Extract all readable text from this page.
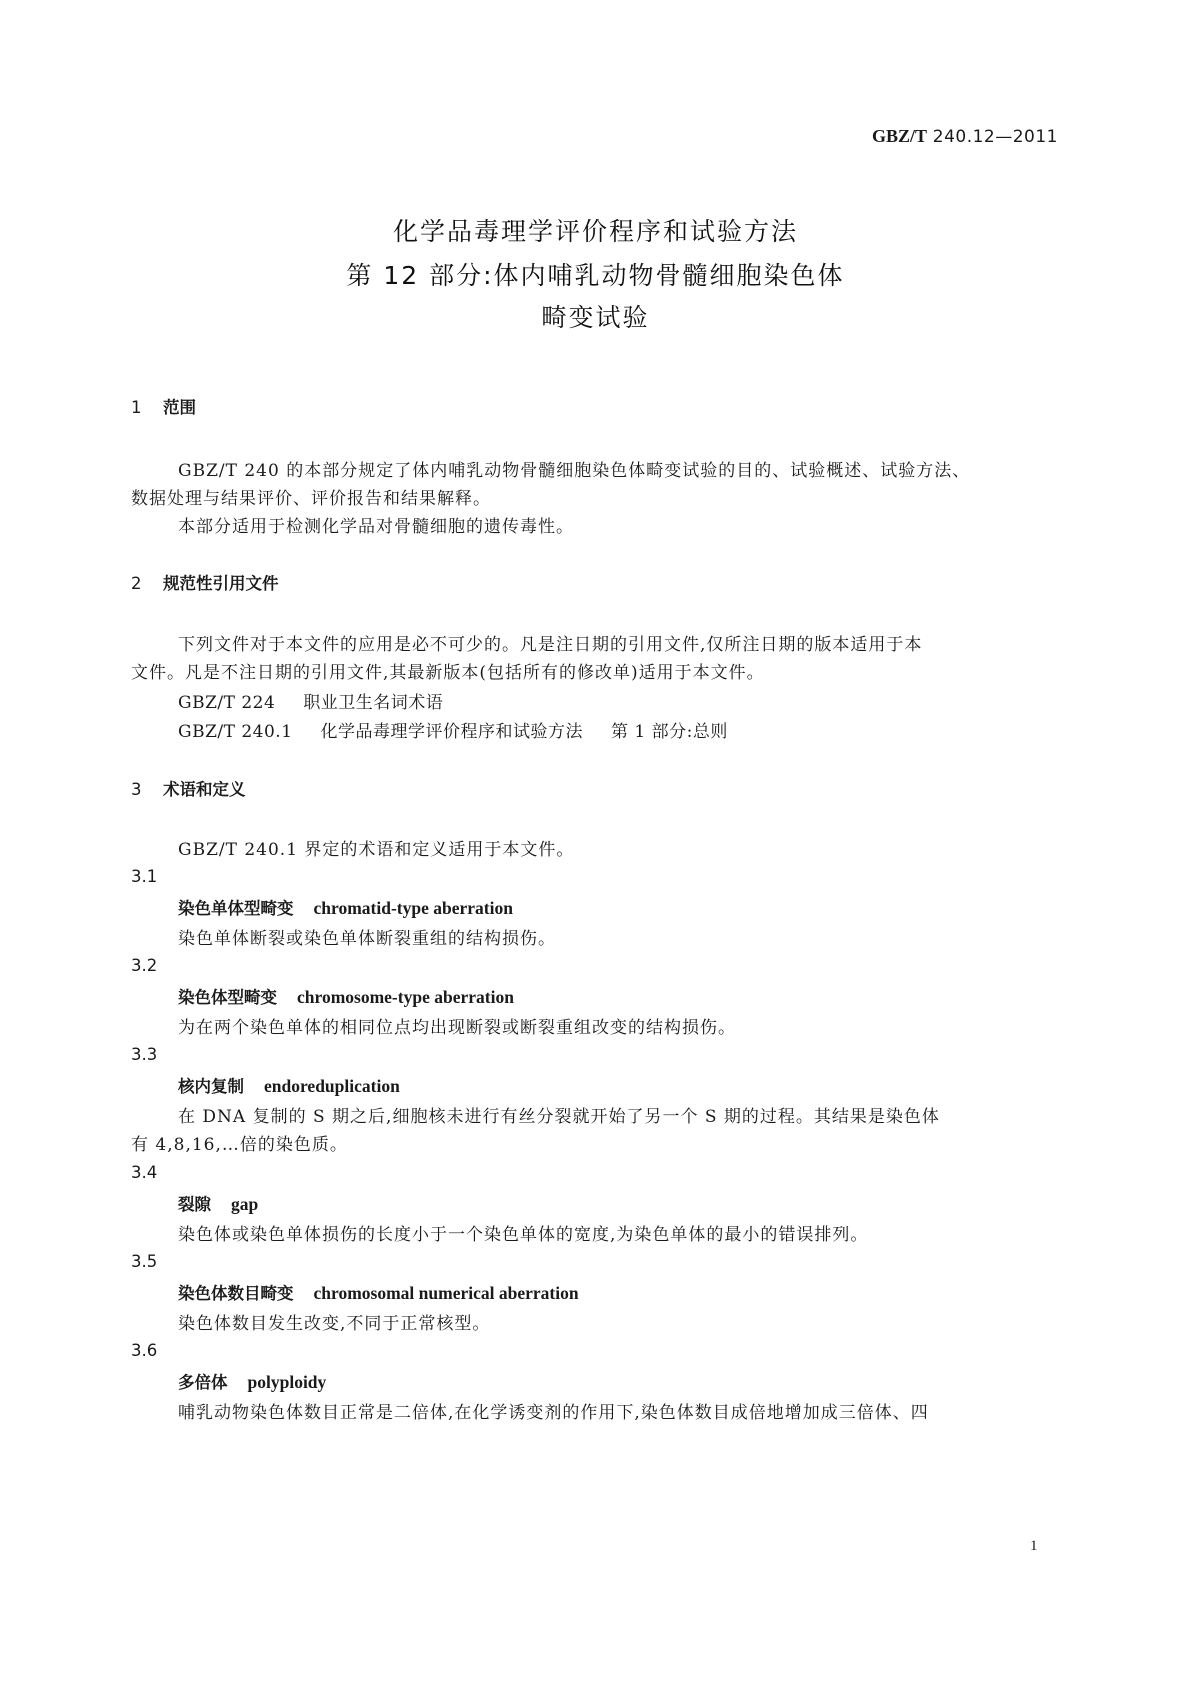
GBZ/T 240.12—2011
化学品毒理学评价程序和试验方法
第 12 部分:体内哺乳动物骨髓细胞染色体
畸变试验
1 范围
GBZ/T 240 的本部分规定了体内哺乳动物骨髓细胞染色体畸变试验的目的、试验概述、试验方法、
数据处理与结果评价、评价报告和结果解释。
本部分适用于检测化学品对骨髓细胞的遗传毒性。
2 规范性引用文件
下列文件对于本文件的应用是必不可少的。凡是注日期的引用文件,仅所注日期的版本适用于本
文件。凡是不注日期的引用文件,其最新版本(包括所有的修改单)适用于本文件。
GBZ/T 224 职业卫生名词术语
GBZ/T 240.1 化学品毒理学评价程序和试验方法 第 1 部分:总则
3 术语和定义
GBZ/T 240.1 界定的术语和定义适用于本文件。
3.1
染色单体型畸变 chromatid-type aberration
染色单体断裂或染色单体断裂重组的结构损伤。
3.2
染色体型畸变 chromosome-type aberration
为在两个染色单体的相同位点均出现断裂或断裂重组改变的结构损伤。
3.3
核内复制 endoreduplication
在 DNA 复制的 S 期之后,细胞核未进行有丝分裂就开始了另一个 S 期的过程。其结果是染色体
有 4,8,16,…倍的染色质。
3.4
裂隙 gap
染色体或染色单体损伤的长度小于一个染色单体的宽度,为染色单体的最小的错误排列。
3.5
染色体数目畸变 chromosomal numerical aberration
染色体数目发生改变,不同于正常核型。
3.6
多倍体 polyploidy
哺乳动物染色体数目正常是二倍体,在化学诱变剂的作用下,染色体数目成倍地增加成三倍体、四
1
